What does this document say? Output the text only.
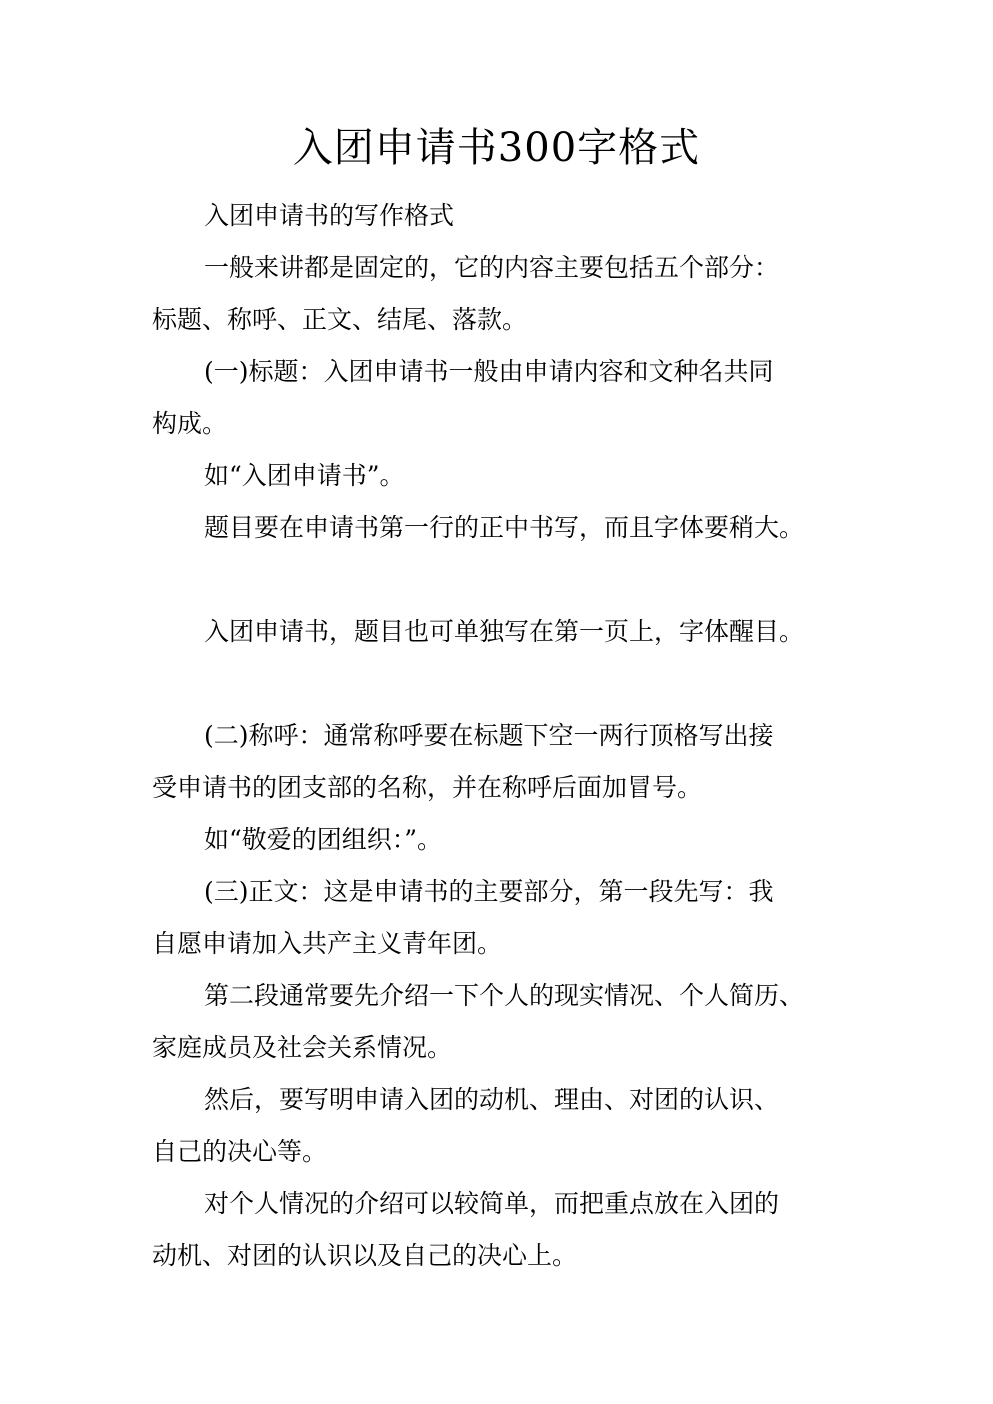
入团申请书300字格式
入团申请书的写作格式
一般来讲都是固定的，它的内容主要包括五个部分：
标题、称呼、正文、结尾、落款。
(一)标题：入团申请书一般由申请内容和文种名共同
构成。
如“入团申请书”。
题目要在申请书第一行的正中书写，而且字体要稍大。
入团申请书，题目也可单独写在第一页上，字体醒目。
(二)称呼：通常称呼要在标题下空一两行顶格写出接
受申请书的团支部的名称，并在称呼后面加冒号。
如“敬爱的团组织：”。
(三)正文：这是申请书的主要部分，第一段先写：我
自愿申请加入共产主义青年团。
第二段通常要先介绍一下个人的现实情况、个人简历、
家庭成员及社会关系情况。
然后，要写明申请入团的动机、理由、对团的认识、
自己的决心等。
对个人情况的介绍可以较简单，而把重点放在入团的
动机、对团的认识以及自己的决心上。
